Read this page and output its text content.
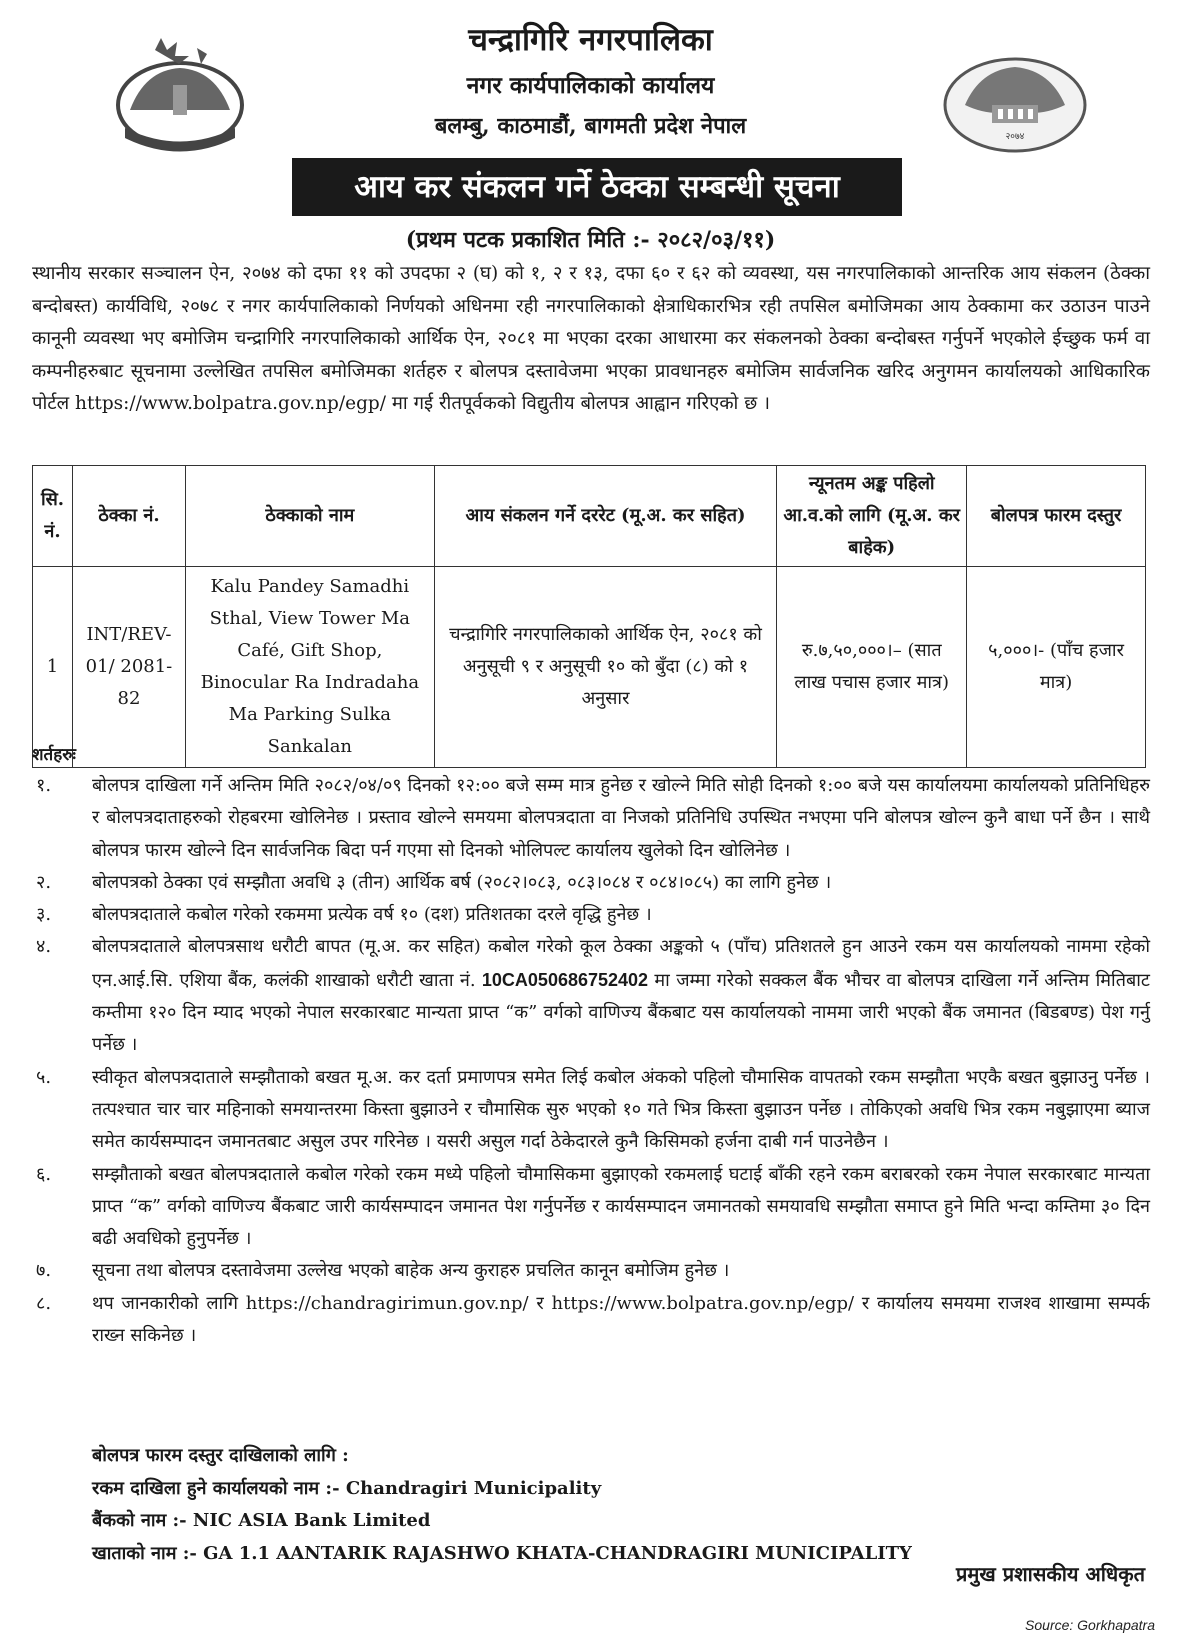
२०७४
चन्द्रागिरि नगरपालिका
नगर कार्यपालिकाको कार्यालय
बलम्बु, काठमाडौं, बागमती प्रदेश नेपाल
आय कर संकलन गर्ने ठेक्का सम्बन्धी सूचना
(प्रथम पटक प्रकाशित मिति :- २०८२/०३/११)

स्थानीय सरकार सञ्चालन ऐन, २०७४ को दफा ११ को उपदफा २ (घ) को १, २ र १३, दफा ६० र ६२ को व्यवस्था, यस नगरपालिकाको आन्तरिक आय संकलन (ठेक्का बन्दोबस्त) कार्यविधि, २०७८ र नगर कार्यपालिकाको निर्णयको अधिनमा रही नगरपालिकाको क्षेत्राधिकारभित्र रही तपसिल बमोजिमका आय ठेक्कामा कर उठाउन पाउने कानूनी व्यवस्था भए बमोजिम चन्द्रागिरि नगरपालिकाको आर्थिक ऐन, २०८१ मा भएका दरका आधारमा कर संकलनको ठेक्का बन्दोबस्त गर्नुपर्ने भएकोले ईच्छुक फर्म वा कम्पनीहरुबाट सूचनामा उल्लेखित तपसिल बमोजिमका शर्तहरु र बोलपत्र दस्तावेजमा भएका प्रावधानहरु बमोजिम सार्वजनिक खरिद अनुगमन कार्यालयको आधिकारिक पोर्टल https://www.bolpatra.gov.np/egp/ मा गई रीतपूर्वकको विद्युतीय बोलपत्र आह्वान गरिएको छ ।

सि. नं.	ठेक्का नं.	ठेक्काको नाम	आय संकलन गर्ने दररेट (मू.अ. कर सहित)	न्यूनतम अङ्क पहिलो आ.व.को लागि (मू.अ. कर बाहेक)	बोलपत्र फारम दस्तुर
1	INT/REV-01/ 2081-82	Kalu Pandey Samadhi Sthal, View Tower Ma Café, Gift Shop, Binocular Ra Indradaha Ma Parking Sulka Sankalan	चन्द्रागिरि नगरपालिकाको आर्थिक ऐन, २०८१ को अनुसूची ९ र अनुसूची १० को बुँदा (८) को १ अनुसार	रु.७,५०,०००।– (सात लाख पचास हजार मात्र)	५,०००।- (पाँच हजार मात्र)
शर्तहरुः
१.	बोलपत्र दाखिला गर्ने अन्तिम मिति २०८२/०४/०९ दिनको १२:०० बजे सम्म मात्र हुनेछ र खोल्ने मिति सोही दिनको १:०० बजे यस कार्यालयमा कार्यालयको प्रतिनिधिहरु र बोलपत्रदाताहरुको रोहबरमा खोलिनेछ । प्रस्ताव खोल्ने समयमा बोलपत्रदाता वा निजको प्रतिनिधि उपस्थित नभएमा पनि बोलपत्र खोल्न कुनै बाधा पर्ने छैन । साथै बोलपत्र फारम खोल्ने दिन सार्वजनिक बिदा पर्न गएमा सो दिनको भोलिपल्ट कार्यालय खुलेको दिन खोलिनेछ ।
२.	बोलपत्रको ठेक्का एवं सम्झौता अवधि ३ (तीन) आर्थिक बर्ष (२०८२।०८३, ०८३।०८४ र ०८४।०८५) का लागि हुनेछ ।
३.	बोलपत्रदाताले कबोल गरेको रकममा प्रत्येक वर्ष १० (दश) प्रतिशतका दरले वृद्धि हुनेछ ।
४.	बोलपत्रदाताले बोलपत्रसाथ धरौटी बापत (मू.अ. कर सहित) कबोल गरेको कूल ठेक्का अङ्कको ५ (पाँच) प्रतिशतले हुन आउने रकम यस कार्यालयको नाममा रहेको एन.आई.सि. एशिया बैंक, कलंकी शाखाको धरौटी खाता नं. 10CA050686752402 मा जम्मा गरेको सक्कल बैंक भौचर वा बोलपत्र दाखिला गर्ने अन्तिम मितिबाट कम्तीमा १२० दिन म्याद भएको नेपाल सरकारबाट मान्यता प्राप्त “क” वर्गको वाणिज्य बैंकबाट यस कार्यालयको नाममा जारी भएको बैंक जमानत (बिडबण्ड) पेश गर्नु पर्नेछ ।
५.	स्वीकृत बोलपत्रदाताले सम्झौताको बखत मू.अ. कर दर्ता प्रमाणपत्र समेत लिई कबोल अंकको पहिलो चौमासिक वापतको रकम सम्झौता भएकै बखत बुझाउनु पर्नेछ । तत्पश्चात चार चार महिनाको समयान्तरमा किस्ता बुझाउने र चौमासिक सुरु भएको १० गते भित्र किस्ता बुझाउन पर्नेछ । तोकिएको अवधि भित्र रकम नबुझाएमा ब्याज समेत कार्यसम्पादन जमानतबाट असुल उपर गरिनेछ । यसरी असुल गर्दा ठेकेदारले कुनै किसिमको हर्जना दाबी गर्न पाउनेछैन ।
६.	सम्झौताको बखत बोलपत्रदाताले कबोल गरेको रकम मध्ये पहिलो चौमासिकमा बुझाएको रकमलाई घटाई बाँकी रहने रकम बराबरको रकम नेपाल सरकारबाट मान्यता प्राप्त “क” वर्गको वाणिज्य बैंकबाट जारी कार्यसम्पादन जमानत पेश गर्नुपर्नेछ र कार्यसम्पादन जमानतको समयावधि सम्झौता समाप्त हुने मिति भन्दा कम्तिमा ३० दिन बढी अवधिको हुनुपर्नेछ ।
७.	सूचना तथा बोलपत्र दस्तावेजमा उल्लेख भएको बाहेक अन्य कुराहरु प्रचलित कानून बमोजिम हुनेछ ।
८.	थप जानकारीको लागि https://chandragirimun.gov.np/ र https://www.bolpatra.gov.np/egp/ र कार्यालय समयमा राजश्व शाखामा सम्पर्क राख्न सकिनेछ ।
बोलपत्र फारम दस्तुर दाखिलाको लागि :
रकम दाखिला हुने कार्यालयको नाम :- Chandragiri Municipality
बैंकको नाम :- NIC ASIA Bank Limited
खाताको नाम :- GA 1.1 AANTARIK RAJASHWO KHATA-CHANDRAGIRI MUNICIPALITY
प्रमुख प्रशासकीय अधिकृत
Source: Gorkhapatra
